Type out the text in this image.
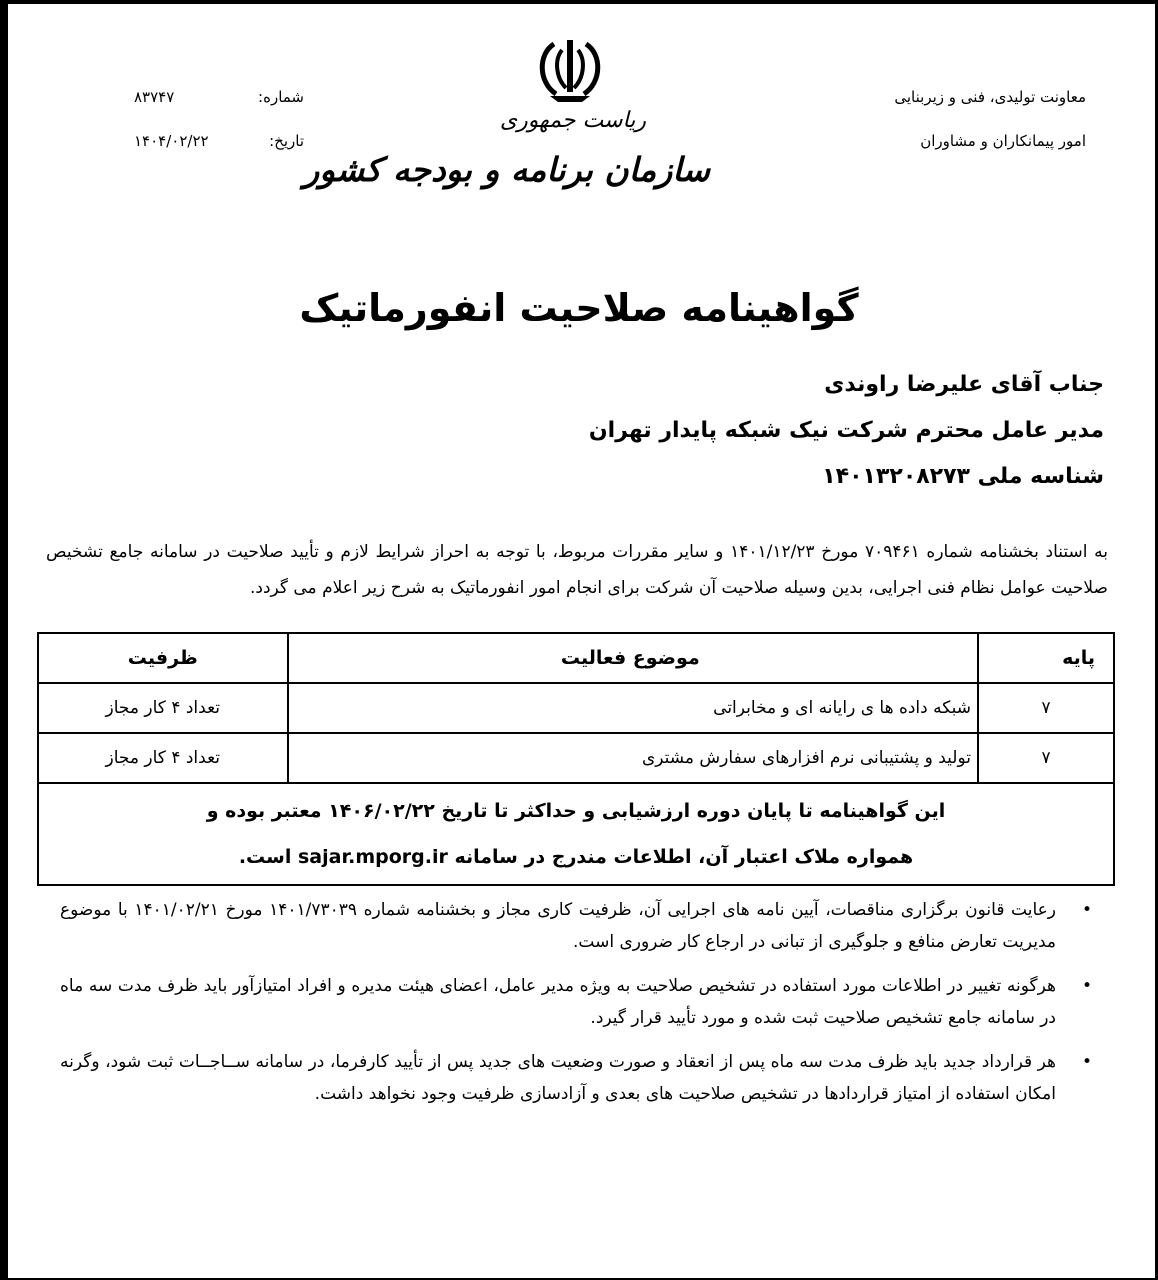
معاونت تولیدی، فنی و زیربنایی
امور پیمانکاران و مشاوران
ریاست جمهوری
سازمان برنامه و بودجه کشور
شماره:
۸۳۷۴۷
تاریخ:
۱۴۰۴/۰۲/۲۲
گواهینامه صلاحیت انفورماتیک
جناب آقای علیرضا راوندی
مدیر عامل محترم شرکت نیک شبکه پایدار تهران
شناسه ملی ۱۴۰۱۳۲۰۸۲۷۳
به استناد بخشنامه شماره ۷۰۹۴۶۱ مورخ ۱۴۰۱/۱۲/۲۳ و سایر مقررات مربوط، با توجه به احراز شرایط لازم و تأیید صلاحیت در سامانه جامع تشخیص صلاحیت عوامل نظام فنی اجرایی، بدین وسیله صلاحیت آن شرکت برای انجام امور انفورماتیک به شرح زیر اعلام می گردد.
پایه	موضوع فعالیت	ظرفیت
۷	شبکه داده ها ی رایانه ای و مخابراتی	تعداد ۴ کار مجاز
۷	تولید و پشتیبانی نرم افزارهای سفارش مشتری	تعداد ۴ کار مجاز

این گواهینامه تا پایان دوره ارزشیابی و حداکثر تا تاریخ ۱۴۰۶/۰۲/۲۲ معتبر بوده و
همواره ملاک اعتبار آن، اطلاعات مندرج در سامانه sajar.mporg.ir است.		
•
رعایت قانون برگزاری مناقصات، آیین نامه های اجرایی آن، ظرفیت کاری مجاز و بخشنامه شماره ۱۴۰۱/۷۳۰۳۹ مورخ ۱۴۰۱/۰۲/۲۱ با موضوع مدیریت تعارض منافع و جلوگیری از تبانی در ارجاع کار ضروری است.
•
هرگونه تغییر در اطلاعات مورد استفاده در تشخیص صلاحیت به ویژه مدیر عامل، اعضای هیئت مدیره و افراد امتیازآور باید ظرف مدت سه ماه در سامانه جامع تشخیص صلاحیت ثبت شده و مورد تأیید قرار گیرد.
•
هر قرارداد جدید باید ظرف مدت سه ماه پس از انعقاد و صورت وضعیت های جدید پس از تأیید کارفرما، در سامانه ســاجــات ثبت شود، وگرنه امکان استفاده از امتیاز قراردادها در تشخیص صلاحیت های بعدی و آزادسازی ظرفیت وجود نخواهد داشت.
